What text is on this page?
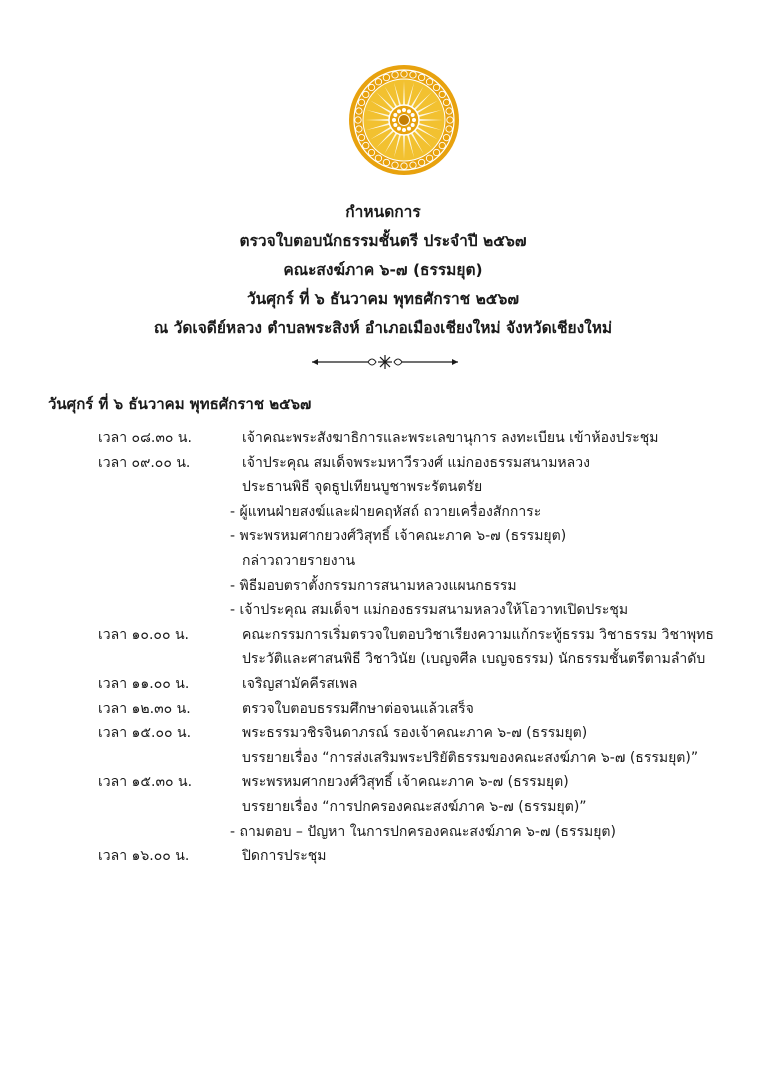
กำหนดการ
ตรวจใบตอบนักธรรมชั้นตรี ประจำปี ๒๕๖๗
คณะสงฆ์ภาค ๖-๗ (ธรรมยุต)
วันศุกร์ ที่ ๖ ธันวาคม พุทธศักราช ๒๕๖๗
ณ วัดเจดีย์หลวง ตำบลพระสิงห์ อำเภอเมืองเชียงใหม่ จังหวัดเชียงใหม่
วันศุกร์ ที่ ๖ ธันวาคม พุทธศักราช ๒๕๖๗
เวลา ๐๘.๓๐ น.	เจ้าคณะพระสังฆาธิการและพระเลขานุการ ลงทะเบียน เข้าห้องประชุม
เวลา ๐๙.๐๐ น.	เจ้าประคุณ สมเด็จพระมหาวีรวงศ์ แม่กองธรรมสนามหลวง
ประธานพิธี จุดธูปเทียนบูชาพระรัตนตรัย
- ผู้แทนฝ่ายสงฆ์และฝ่ายคฤหัสถ์ ถวายเครื่องสักการะ
- พระพรหมศากยวงศ์วิสุทธิ์ เจ้าคณะภาค ๖-๗ (ธรรมยุต)
กล่าวถวายรายงาน
- พิธีมอบตราตั้งกรรมการสนามหลวงแผนกธรรม
- เจ้าประคุณ สมเด็จฯ แม่กองธรรมสนามหลวงให้โอวาทเปิดประชุม
เวลา ๑๐.๐๐ น.	คณะกรรมการเริ่มตรวจใบตอบวิชาเรียงความแก้กระทู้ธรรม วิชาธรรม วิชาพุทธ
ประวัติและศาสนพิธี วิชาวินัย (เบญจศีล เบญจธรรม) นักธรรมชั้นตรีตามลำดับ
เวลา ๑๑.๐๐ น.	เจริญสามัคคีรสเพล
เวลา ๑๒.๓๐ น.	ตรวจใบตอบธรรมศึกษาต่อจนแล้วเสร็จ
เวลา ๑๕.๐๐ น.	พระธรรมวชิรจินดาภรณ์ รองเจ้าคณะภาค ๖-๗ (ธรรมยุต)
บรรยายเรื่อง “การส่งเสริมพระปริยัติธรรมของคณะสงฆ์ภาค ๖-๗ (ธรรมยุต)”
เวลา ๑๕.๓๐ น.	พระพรหมศากยวงศ์วิสุทธิ์ เจ้าคณะภาค ๖-๗ (ธรรมยุต)
บรรยายเรื่อง “การปกครองคณะสงฆ์ภาค ๖-๗ (ธรรมยุต)”
- ถามตอบ – ปัญหา ในการปกครองคณะสงฆ์ภาค ๖-๗ (ธรรมยุต)
เวลา ๑๖.๐๐ น.	ปิดการประชุม
